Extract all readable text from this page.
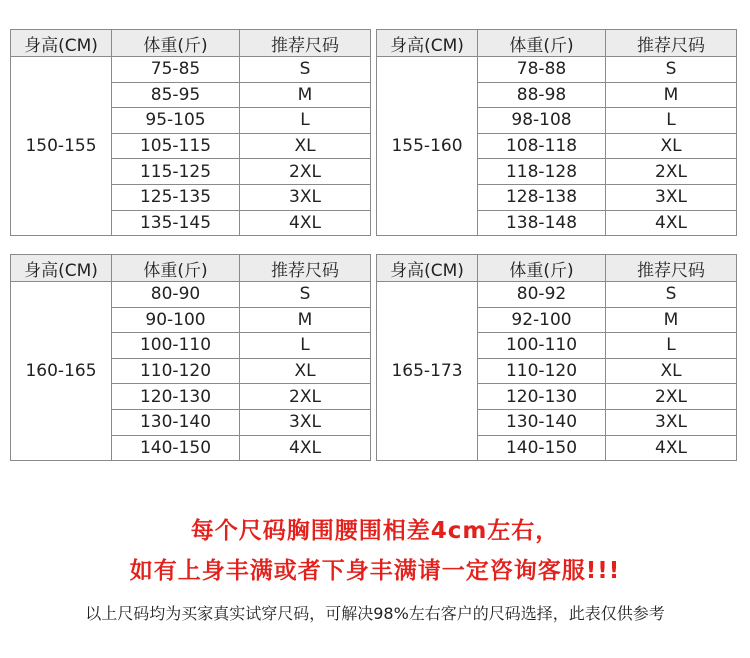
身高(CM)	体重(斤)	推荐尺码
150-155	75-85	S
	85-95	M
	95-105	L
	105-115	XL
	115-125	2XL
	125-135	3XL
	135-145	4XL
身高(CM)	体重(斤)	推荐尺码
155-160	78-88	S
	88-98	M
	98-108	L
	108-118	XL
	118-128	2XL
	128-138	3XL
	138-148	4XL
身高(CM)	体重(斤)	推荐尺码
160-165	80-90	S
	90-100	M
	100-110	L
	110-120	XL
	120-130	2XL
	130-140	3XL
	140-150	4XL
身高(CM)	体重(斤)	推荐尺码
165-173	80-92	S
	92-100	M
	100-110	L
	110-120	XL
	120-130	2XL
	130-140	3XL
	140-150	4XL
每个尺码胸围腰围相差4cm左右，
如有上身丰满或者下身丰满请一定咨询客服!!!
以上尺码均为买家真实试穿尺码，可解决98%左右客户的尺码选择，此表仅供参考
